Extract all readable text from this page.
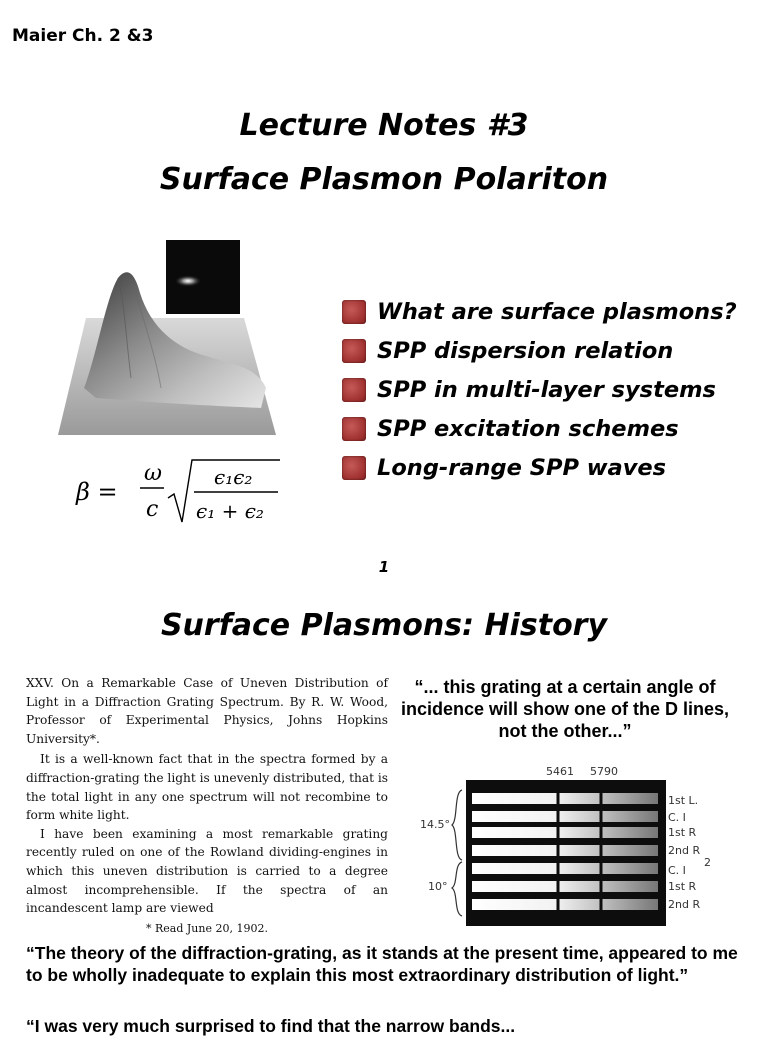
Maier Ch. 2 &3
Lecture Notes #3
Surface Plasmon Polariton
β =
ω
c
ϵ₁ϵ₂
ϵ₁ + ϵ₂
What are surface plasmons?
SPP dispersion relation
SPP in multi-layer systems
SPP excitation schemes
Long-range SPP waves
1
Surface Plasmons: History

XXV. On a Remarkable Case of Uneven Distribution of Light in a Diffraction Grating Spectrum. By R. W. Wood, Professor of Experimental Physics, Johns Hopkins University*.

It is a well-known fact that in the spectra formed by a diffraction-grating the light is unevenly distributed, that is the total light in any one spectrum will not recombine to form white light.

I have been examining a most remarkable grating recently ruled on one of the Rowland dividing-engines in which this uneven distribution is carried to a degree almost incomprehensible. If the spectra of an incandescent lamp are viewed

* Read June 20, 1902.
“... this grating at a certain angle of incidence will show one of the D lines, not the other...”
5461 5790
14.5°
10°
1st L.
C. I
1st R
2nd R
C. I
1st R
2nd R
2
“The theory of the diffraction-grating, as it stands at the present time, appeared to me to be wholly inadequate to explain this most extraordinary distribution of light.”
“I was very much surprised to find that the narrow bands...
